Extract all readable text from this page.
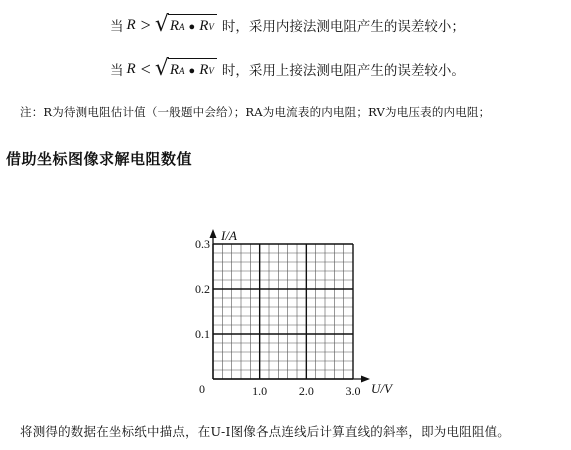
当 R > √ R A ● R V 时，采用内接法测电阻产生的误差较小；
当 R < √ R A ● R V 时，采用上接法测电阻产生的误差较小。
注：R为待测电阻估计值（一般题中会给）；RA为电流表的内电阻；RV为电压表的内电阻；
借助坐标图像求解电阻数值
0.1
0.2
0.3
1.0	2.0	3.0
I/A
U/V
0
将测得的数据在坐标纸中描点，在U-I图像各点连线后计算直线的斜率，即为电阻阻值。
